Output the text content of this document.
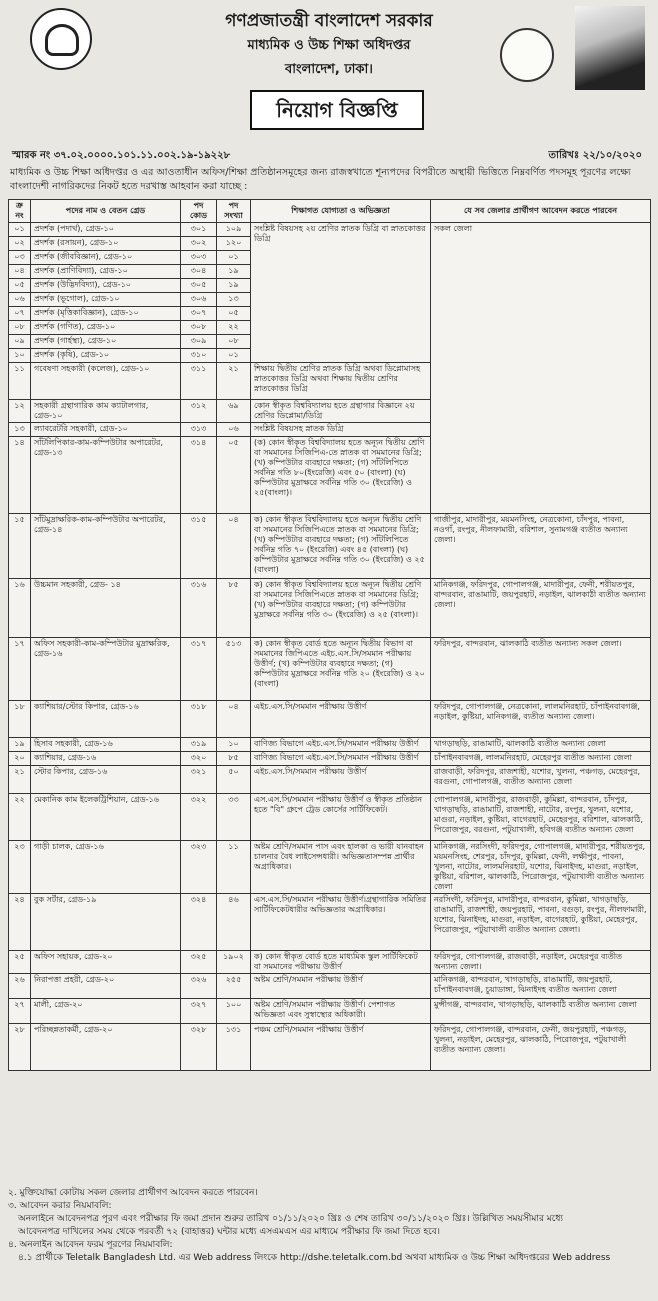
গণপ্রজাতন্ত্রী বাংলাদেশ সরকার
মাধ্যমিক ও উচ্চ শিক্ষা অধিদপ্তর
বাংলাদেশ, ঢাকা।
নিয়োগ বিজ্ঞপ্তি
স্মারক নং ৩৭.০২.০০০০.১০১.১১.০০২.১৯-১৯২২৮	তারিখঃ ২২/১০/২০২০
মাধ্যমিক ও উচ্চ শিক্ষা অধিদপ্তর ও এর আওতাধীন অফিস/শিক্ষা প্রতিষ্ঠানসমূহের জন্য রাজস্বখাতে শূন্যপদের বিপরীতে অস্থায়ী ভিত্তিতে নিম্নবর্ণিত পদসমূহ পূরণের লক্ষ্যে বাংলাদেশী নাগরিকদের নিকট হতে দরখাস্ত আহবান করা যাচ্ছে :
ক্র নং	পদের নাম ও বেতন গ্রেড	পদ কোড	পদ সংখ্যা	শিক্ষাগত যোগ্যতা ও অভিজ্ঞতা	যে সব জেলার প্রার্থীগণ আবেদন করতে পারবেন
০১	প্রদর্শক (পদার্থ), গ্রেড-১০	৩০১	১০৯	সংশ্লিষ্ট বিষয়সহ ২য় শ্রেণির স্নাতক ডিগ্রি বা স্নাতকোত্তর ডিগ্রি	সকল জেলা
০২	প্রদর্শক (রসায়ন), গ্রেড-১০	৩০২	১২০		
০৩	প্রদর্শক (জীববিজ্ঞান), গ্রেড-১০	৩০৩	০১		
০৪	প্রদর্শক (প্রাণিবিদ্যা), গ্রেড-১০	৩০৪	১৯		
০৫	প্রদর্শক (উদ্ভিদবিদ্যা), গ্রেড-১০	৩০৫	১৯		
০৬	প্রদর্শক (ভূগোল), গ্রেড-১০	৩০৬	১৩		
০৭	প্রদর্শক (মৃত্তিকাবিজ্ঞান), গ্রেড-১০	৩০৭	০৫		
০৮	প্রদর্শক (গণিত), গ্রেড-১০	৩০৮	২২		
০৯	প্রদর্শক (গার্হস্থ্য), গ্রেড-১০	৩০৯	০৮		
১০	প্রদর্শক (কৃষি), গ্রেড-১০	৩১০	০১		
১১	গবেষণা সহকারী (কলেজ), গ্রেড-১০	৩১১	২১	শিক্ষায় দ্বিতীয় শ্রেণির স্নাতক ডিগ্রি অথবা ডিপ্লোমাসহ স্নাতকোত্তর ডিগ্রি অথবা শিক্ষায় দ্বিতীয় শ্রেণির স্নাতকোত্তর ডিগ্রি	
১২	সহকারী গ্রন্থাগারিক কাম ক্যাটালগার, গ্রেড-১০	৩১২	৬৯	কোন স্বীকৃত বিশ্ববিদ্যালয় হতে গ্রন্থাগার বিজ্ঞানে ২য় শ্রেণির ডিপ্লোমা/ডিগ্রি	
১৩	ল্যাবরেটরি সহকারী, গ্রেড-১০	৩১৩	০৬	সংশ্লিষ্ট বিষয়সহ স্নাতক ডিগ্রি	
১৪	সাঁটলিপিকার-কাম-কম্পিউটার অপারেটর, গ্রেড-১৩	৩১৪	০৫	(ক) কোন স্বীকৃত বিশ্ববিদ্যালয় হতে অন্যূন দ্বিতীয় শ্রেণি বা সমমানের সিজিপিএ-তে স্নাতক বা সমমানের ডিগ্রি; (খ) কম্পিউটার ব্যবহারে দক্ষতা; (গ) সাঁটলিপিতে সর্বনিম্ন গতি ৮০(ইংরেজি) এবং ৫০ (বাংলা) (ঘ) কম্পিউটার মুদ্রাক্ষরে সর্বনিম্ন গতি ৩০ (ইংরেজি) ও ২৫(বাংলা)।	
১৫	সাঁটমুদ্রাক্ষরিক-কাম-কম্পিউটার অপারেটর, গ্রেড-১৪	৩১৫	০৪	ক) কোন স্বীকৃত বিশ্ববিদ্যালয় হতে অন্যূন দ্বিতীয় শ্রেণি বা সমমানের সিজিপিএতে স্নাতক বা সমমানের ডিগ্রি; (খ) কম্পিউটার ব্যবহারে দক্ষতা; (গ) সাঁটলিপিতে সর্বনিম্ন গতি ৭০ (ইংরেজি) এবং ৪৫ (বাংলা) (ঘ) কম্পিউটার মুদ্রাক্ষরে সর্বনিম্ন গতি ৩০ (ইংরেজি) ও ২৫ (বাংলা)	গাজীপুর, মাদারীপুর, ময়মনসিংহ, নেত্রকোনা, চাঁদপুর, পাবনা, নওগাঁ, রংপুর, নীলফামারী, বরিশাল, সুনামগঞ্জ ব্যতীত অন্যান্য জেলা।
১৬	উচ্চমান সহকারী, গ্রেড- ১৪	৩১৬	৮৫	ক) কোন স্বীকৃত বিশ্ববিদ্যালয় হতে অন্যূন দ্বিতীয় শ্রেণি বা সমমানের সিজিপিএতে স্নাতক বা সমমানের ডিগ্রি; (খ) কম্পিউটার ব্যবহারে দক্ষতা; (গ) কম্পিউটার মুদ্রাক্ষরে সর্বনিম্ন গতি ৩০ (ইংরেজি) ও ২৫ (বাংলা)।	মানিকগঞ্জ, ফরিদপুর, গোপালগঞ্জ, মাদারীপুর, ফেনী, শরীয়তপুর, বান্দরবান, রাঙামাটি, জয়পুরহাট, নড়াইল, ঝালকাঠী ব্যতীত অন্যান্য জেলা।
১৭	অফিস সহকারী-কাম-কম্পিউটার মুদ্রাক্ষরিক, গ্রেড-১৬	৩১৭	৫১৩	ক) কোন স্বীকৃত বোর্ড হতে অন্যূন দ্বিতীয় বিভাগ বা সমমানের জিপিএতে এইচ.এস.সি/সমমান পরীক্ষায় উত্তীর্ণ; (খ) কম্পিউটার ব্যবহারে দক্ষতা; (গ) কম্পিউটার মুদ্রাক্ষরে সর্বনিম্ন গতি ২০ (ইংরেজি) ও ২০ (বাংলা)	ফরিদপুর, বান্দরবান, ঝালকাঠি ব্যতীত অন্যান্য সকল জেলা।
১৮	ক্যাশিয়ার/স্টোর কিপার, গ্রেড-১৬	৩১৮	০৪	এইচ.এস.সি/সমমান পরীক্ষায় উত্তীর্ণ	ফরিদপুর, গোপালগঞ্জ, নেত্রকোনা, লালমনিরহাট, চাঁপাইনবাবগঞ্জ, নড়াইল, কুষ্টিয়া, মানিকগঞ্জ, ব্যতীত অন্যান্য জেলা।
১৯	হিসাব সহকারী, গ্রেড-১৬	৩১৯	১০	বাণিজ্য বিভাগে এইচ.এস.সি/সমমান পরীক্ষায় উত্তীর্ণ	খাগড়াছড়ি, রাঙামাটি, ঝালকাঠি ব্যতীত অন্যান্য জেলা
২০	ক্যাশিয়ার, গ্রেড-১৬	৩২০	৮৫	বাণিজ্য বিভাগে এইচ.এস.সি/সমমান পরীক্ষায় উত্তীর্ণ	চাঁপাইনবাবগঞ্জ, লালমনিরহাট, মেহেরপুর ব্যতীত অন্যান্য জেলা
২১	স্টোর কিপার, গ্রেড-১৬	৩২১	৫০	এইচ.এস.সি/সমমান পরীক্ষায় উত্তীর্ণ	রাজবাড়ী, ফরিদপুর, রাজশাহী, যশোর, খুলনা, পঞ্চগড়, মেহেরপুর, বরগুনা, গোপালগঞ্জ, ব্যতীত অন্যান্য জেলা
২২	মেকানিক কাম ইলেকট্রিশিয়ান, গ্রেড-১৬	৩২২	৩৩	এস.এস.সি/সমমান পরীক্ষায় উত্তীর্ণ ও স্বীকৃত প্রতিষ্ঠান হতে "বি" গ্রুপে ট্রেড কোর্সের সার্টিফিকেট।	গোপালগঞ্জ, মাদারীপুর, রাজবাড়ী, কুমিল্লা, বান্দরবান, চাঁদপুর, খাগড়াছড়ি, রাঙামাটি, রাজশাহী, নাটোর, রংপুর, খুলনা, যশোর, মাগুরা, নড়াইল, কুষ্টিয়া, বাগেরহাট, মেহেরপুর, বরিশাল, ঝালকাঠি, পিরোজপুর, বরগুনা, পটুয়াখালী, হবিগঞ্জ ব্যতীত অন্যান্য জেলা
২৩	গাড়ী চালক, গ্রেড-১৬	৩২৩	১১	অষ্টম শ্রেণি/সমমান পাস এবং হালকা ও ভারী যানবাহন চালনার বৈধ লাইসেন্সধারী। অভিজ্ঞতাসম্পন্ন প্রার্থীর অগ্রাধিকার।	মানিকগঞ্জ, নরসিংদী, ফরিদপুর, গোপালগঞ্জ, মাদারীপুর, শরীয়তপুর, ময়মনসিংহ, শেরপুর, চাঁদপুর, কুমিল্লা, ফেনী, লক্ষীপুর, পাবনা, খুলনা, নাটোর, লালমনিরহাট, যশোর, ঝিনাইদহ, মাগুরা, নড়াইল, কুষ্টিয়া, বরিশাল, ঝালকাঠি, পিরোজপুর, পটুয়াখালী ব্যতীত অন্যান্য জেলা
২৪	বুক সর্টার, গ্রেড-১৯	৩২৪	৪৬	এস.এস.সি/সমমান পরীক্ষায় উত্তীর্ণ।গ্রন্থাগারিক সমিতির সার্টিফিকেটধারীর অভিজ্ঞতার অগ্রাধিকার।	নরসিংদী, ফরিদপুর, মাদারীপুর, বান্দরবান, কুমিল্লা, খাগড়াছড়ি, রাঙামাটি, রাজশাহী, জয়পুরহাট, পাবনা, বগুড়া, রংপুর, নীলফামারী, যশোর, ঝিনাইদহ, মাগুরা, নড়াইল, বাগেরহাট, কুষ্টিয়া, মেহেরপুর, পিরোজপুর, পটুয়াখালী ব্যতীত অন্যান্য জেলা।
২৫	অফিস সহায়ক, গ্রেড-২০	৩২৫	১৯০২	ক) কোন স্বীকৃত বোর্ড হতে মাধ্যমিক স্কুল সার্টিফিকেট বা সমমানের পরীক্ষায় উত্তীর্ণ	ফরিদপুর, গোপালগঞ্জ, রাজবাড়ী, নড়াইল, মেহেরপুর ব্যতীত অন্যান্য জেলা।
২৬	নিরাপত্তা প্রহরী, গ্রেড-২০	৩২৬	২৫৫	অষ্টম শ্রেণি/সমমান পরীক্ষায় উত্তীর্ণ	মানিকগঞ্জ, বান্দরবান, খাগড়াছড়ি, রাঙামাটি, জয়পুরহাট, চাঁপাইনবাবগঞ্জ, চুয়াডাঙ্গা, ঝিনাইদহ ব্যতীত অন্যান্য জেলা
২৭	মালী, গ্রেড-২০	৩২৭	১০০	অষ্টম শ্রেণি/সমমান পরীক্ষায় উত্তীর্ণ। পেশাগত অভিজ্ঞতা এবং সুস্বাস্থ্যের অধিকারী।	মুন্সীগঞ্জ, বান্দরবান, খাগড়াছড়ি, ঝালকাঠি ব্যতীত অন্যান্য জেলা
২৮	পরিচ্ছন্নতাকর্মী, গ্রেড-২০	৩২৮	১৩১	পঞ্চম শ্রেণি/সমমান পরীক্ষায় উত্তীর্ণ	ফরিদপুর, গোপালগঞ্জ, বান্দরবান, ফেনী, জয়পুরহাট, পঞ্চগড়, খুলনা, নড়াইল, মেহেরপুর, ঝালকাঠি, পিরোজপুর, পটুয়াখালী ব্যতীত অন্যান্য জেলা।

২. মুক্তিযোদ্ধা কোটায় সকল জেলার প্রার্থীগণ আবেদন করতে পারবেন।

৩. আবেদন করার নিয়মাবলি:

অনলাইনে আবেদনপত্র পূরণ এবং পরীক্ষার ফি জমা প্রদান শুরুর তারিখ ০১/১১/২০২০ খ্রিঃ ও শেষ তারিখ ৩০/১১/২০২০ খ্রিঃ। উল্লিখিত সময়সীমার মধ্যে

আবেদনপত্র দাখিলের সময় থেকে পরবর্তী ৭২ (বাহাত্তর) ঘন্টার মধ্যে এসএমএস এর মাধ্যমে পরীক্ষার ফি জমা দিতে হবে।

৪. অনলাইন আবেদন ফরম পূরণের নিয়মাবলি:

৪.১ প্রার্থীকে Teletalk Bangladesh Ltd. এর Web address লিংকে http://dshe.teletalk.com.bd অথবা মাধ্যমিক ও উচ্চ শিক্ষা অধিদপ্তরের Web address
